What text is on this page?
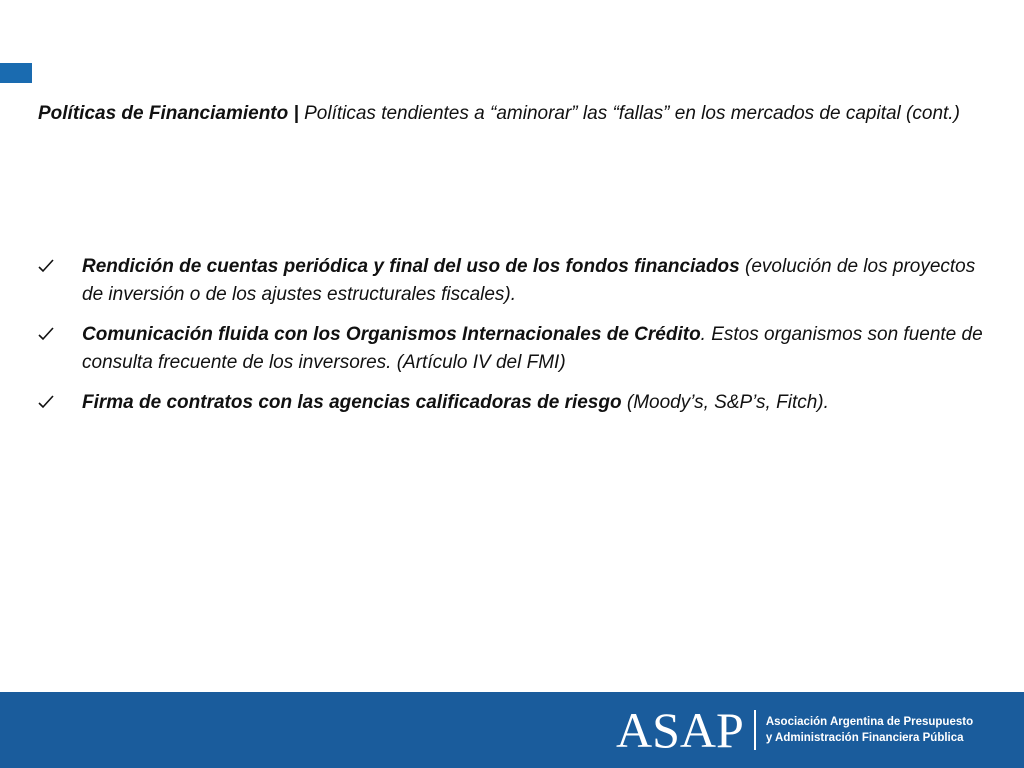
Políticas de Financiamiento | Políticas tendientes a “aminorar” las “fallas” en los mercados de capital (cont.)
Rendición de cuentas periódica y final del uso de los fondos financiados (evolución de los proyectos de inversión o de los ajustes estructurales fiscales).
Comunicación fluida con los Organismos Internacionales de Crédito. Estos organismos son fuente de consulta frecuente de los inversores. (Artículo IV del FMI)
Firma de contratos con las agencias calificadoras de riesgo (Moody’s, S&P’s, Fitch).
ASAP Asociación Argentina de Presupuesto
y Administración Financiera Pública
